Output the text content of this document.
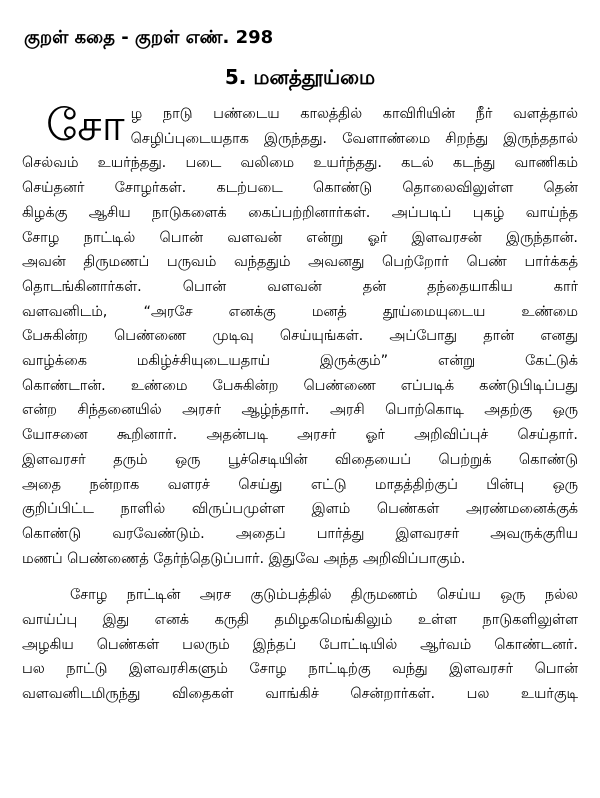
குறள் கதை - குறள் எண். 298
5. மனத்தூய்மை
சோ ழ நாடு பண்டைய காலத்தில் காவிரியின் நீர் வளத்தால்
செழிப்புடையதாக இருந்தது. வேளாண்மை சிறந்து இருந்ததால்
செல்வம் உயர்ந்தது. படை வலிமை உயர்ந்தது. கடல் கடந்து வாணிகம்
செய்தனர் சோழர்கள். கடற்படை கொண்டு தொலைவிலுள்ள தென்
கிழக்கு ஆசிய நாடுகளைக் கைப்பற்றினார்கள். அப்படிப் புகழ் வாய்ந்த
சோழ நாட்டில் பொன் வளவன் என்று ஓர் இளவரசன் இருந்தான்.
அவன் திருமணப் பருவம் வந்ததும் அவனது பெற்றோர் பெண் பார்க்கத்
தொடங்கினார்கள். பொன் வளவன் தன் தந்தையாகிய கார்
வளவனிடம், “அரசே எனக்கு மனத் தூய்மையுடைய உண்மை
பேசுகின்ற பெண்ணை முடிவு செய்யுங்கள். அப்போது தான் எனது
வாழ்க்கை மகிழ்ச்சியுடையதாய் இருக்கும்” என்று கேட்டுக்
கொண்டான். உண்மை பேசுகின்ற பெண்ணை எப்படிக் கண்டுபிடிப்பது
என்ற சிந்தனையில் அரசர் ஆழ்ந்தார். அரசி பொற்கொடி அதற்கு ஒரு
யோசனை கூறினார். அதன்படி அரசர் ஓர் அறிவிப்புச் செய்தார்.
இளவரசர் தரும் ஒரு பூச்செடியின் விதையைப் பெற்றுக் கொண்டு
அதை நன்றாக வளரச் செய்து எட்டு மாதத்திற்குப் பின்பு ஒரு
குறிப்பிட்ட நாளில் விருப்பமுள்ள இளம் பெண்கள் அரண்மனைக்குக்
கொண்டு வரவேண்டும். அதைப் பார்த்து இளவரசர் அவருக்குரிய
மணப் பெண்ணைத் தேர்ந்தெடுப்பார். இதுவே அந்த அறிவிப்பாகும்.
சோழ நாட்டின் அரச குடும்பத்தில் திருமணம் செய்ய ஒரு நல்ல
வாய்ப்பு இது எனக் கருதி தமிழகமெங்கிலும் உள்ள நாடுகளிலுள்ள
அழகிய பெண்கள் பலரும் இந்தப் போட்டியில் ஆர்வம் கொண்டனர்.
பல நாட்டு இளவரசிகளும் சோழ நாட்டிற்கு வந்து இளவரசர் பொன்
வளவனிடமிருந்து விதைகள் வாங்கிச் சென்றார்கள். பல உயர்குடி
